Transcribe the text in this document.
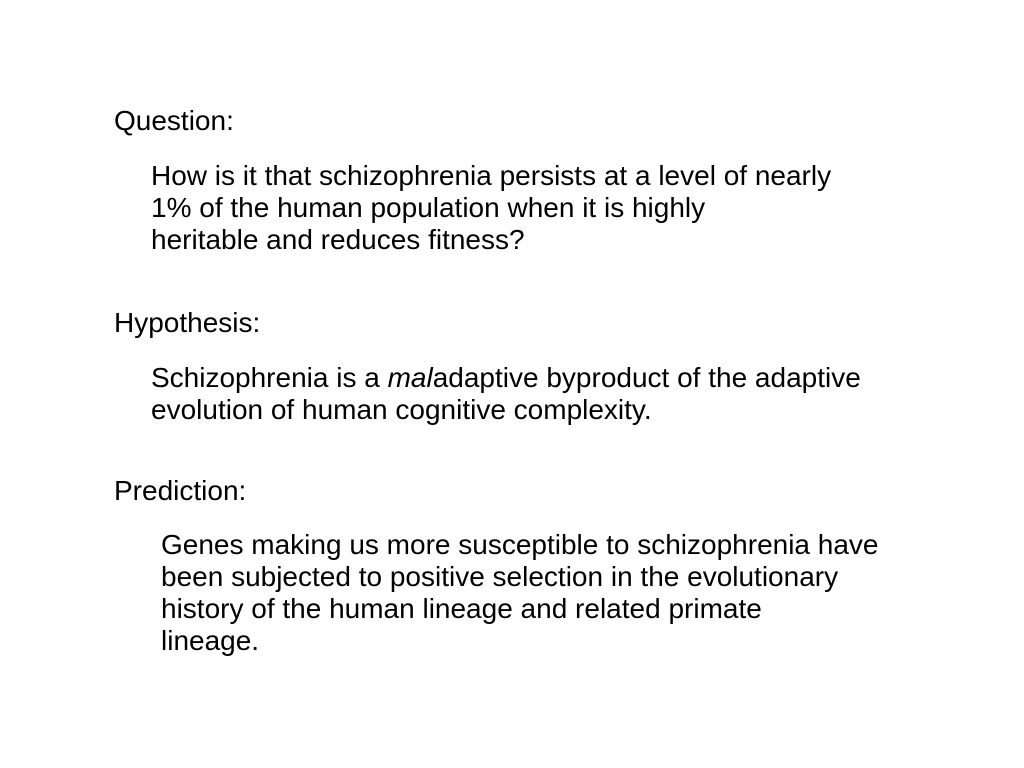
Question:

How is it that schizophrenia persists at a level of nearly
1% of the human population when it is highly
heritable and reduces fitness?

Hypothesis:

Schizophrenia is a maladaptive byproduct of the adaptive
evolution of human cognitive complexity.

Prediction:

Genes making us more susceptible to schizophrenia have
been subjected to positive selection in the evolutionary
history of the human lineage and related primate
lineage.
